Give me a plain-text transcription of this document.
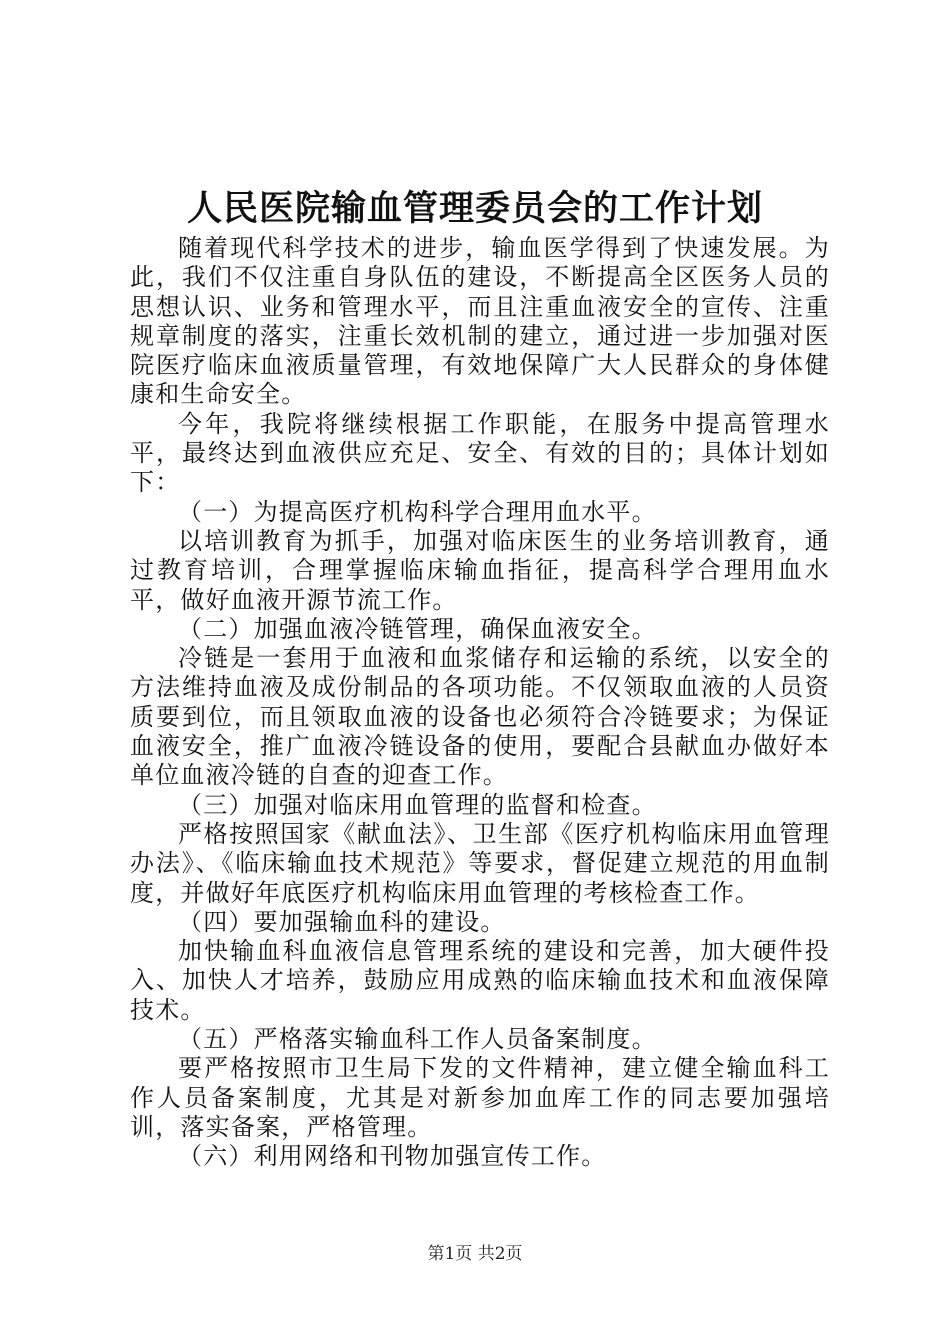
人民医院输血管理委员会的工作计划

随着现代科学技术的进步，输血医学得到了快速发展。为此，我们不仅注重自身队伍的建设，不断提高全区医务人员的思想认识、业务和管理水平，而且注重血液安全的宣传、注重规章制度的落实，注重长效机制的建立，通过进一步加强对医院医疗临床血液质量管理，有效地保障广大人民群众的身体健康和生命安全。

今年，我院将继续根据工作职能，在服务中提高管理水平，最终达到血液供应充足、安全、有效的目的；具体计划如下：

（一）为提高医疗机构科学合理用血水平。

以培训教育为抓手，加强对临床医生的业务培训教育，通过教育培训，合理掌握临床输血指征，提高科学合理用血水平，做好血液开源节流工作。

（二）加强血液冷链管理，确保血液安全。

冷链是一套用于血液和血浆储存和运输的系统，以安全的方法维持血液及成份制品的各项功能。不仅领取血液的人员资质要到位，而且领取血液的设备也必须符合冷链要求；为保证血液安全，推广血液冷链设备的使用，要配合县献血办做好本单位血液冷链的自查的迎查工作。

（三）加强对临床用血管理的监督和检查。

严格按照国家《献血法》、卫生部《医疗机构临床用血管理办法》、《临床输血技术规范》等要求，督促建立规范的用血制度，并做好年底医疗机构临床用血管理的考核检查工作。

（四）要加强输血科的建设。

加快输血科血液信息管理系统的建设和完善，加大硬件投入、加快人才培养，鼓励应用成熟的临床输血技术和血液保障技术。

（五）严格落实输血科工作人员备案制度。

要严格按照市卫生局下发的文件精神，建立健全输血科工作人员备案制度，尤其是对新参加血库工作的同志要加强培训，落实备案，严格管理。

（六）利用网络和刊物加强宣传工作。

第1页 共2页
